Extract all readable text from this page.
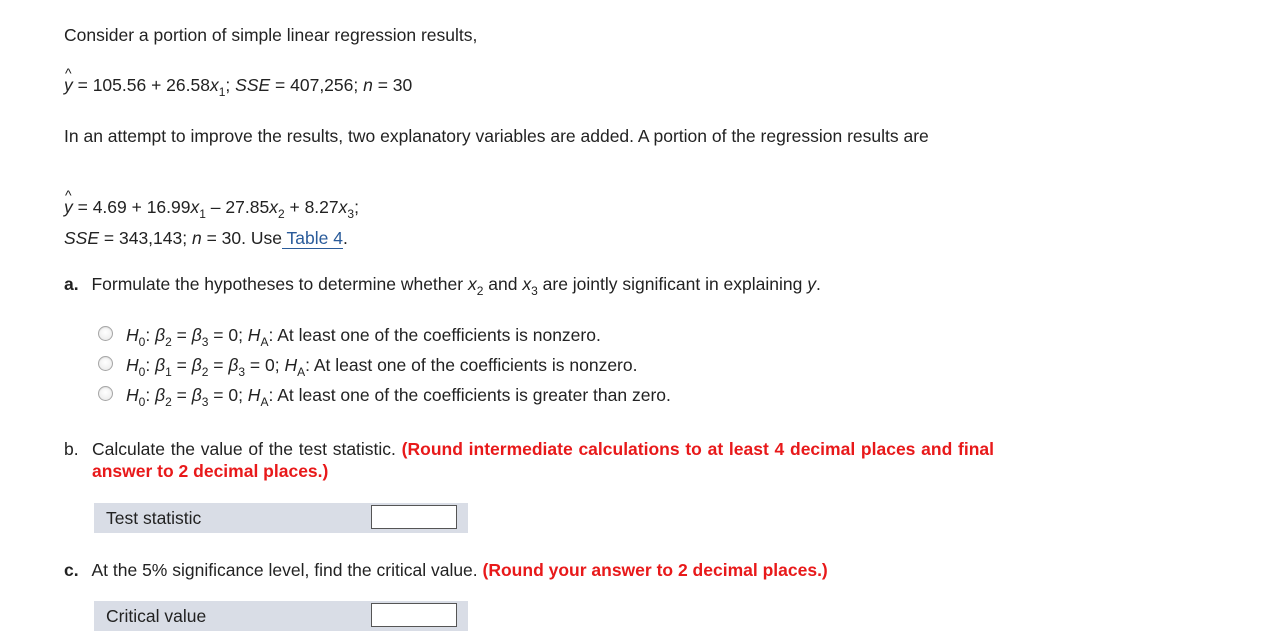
Consider a portion of simple linear regression results,
^ $y = 105.56 + 26.58x_1$; SSE = 407,256; n = 30
In an attempt to improve the results, two explanatory variables are added. A portion of the regression results are
^ $y = 4.69 + 16.99x_1 - 27.85x_2 + 8.27x_3$;
SSE = 343,143; n = 30. Use Table 4.
a. Formulate the hypotheses to determine whether $x_2$ and $x_3$ are jointly significant in explaining y.
$H_0$: $\beta_2 = \beta_3 = 0$; $H_A$: At least one of the coefficients is nonzero.
$H_0$: $\beta_1 = \beta_2 = \beta_3 = 0$; $H_A$: At least one of the coefficients is nonzero.
$H_0$: $\beta_2 = \beta_3 = 0$; $H_A$: At least one of the coefficients is greater than zero.
b. Calculate the value of the test statistic. (Round intermediate calculations to at least 4 decimal places and final answer to 2 decimal places.)
Test statistic
c. At the 5% significance level, find the critical value. (Round your answer to 2 decimal places.)
Critical value
